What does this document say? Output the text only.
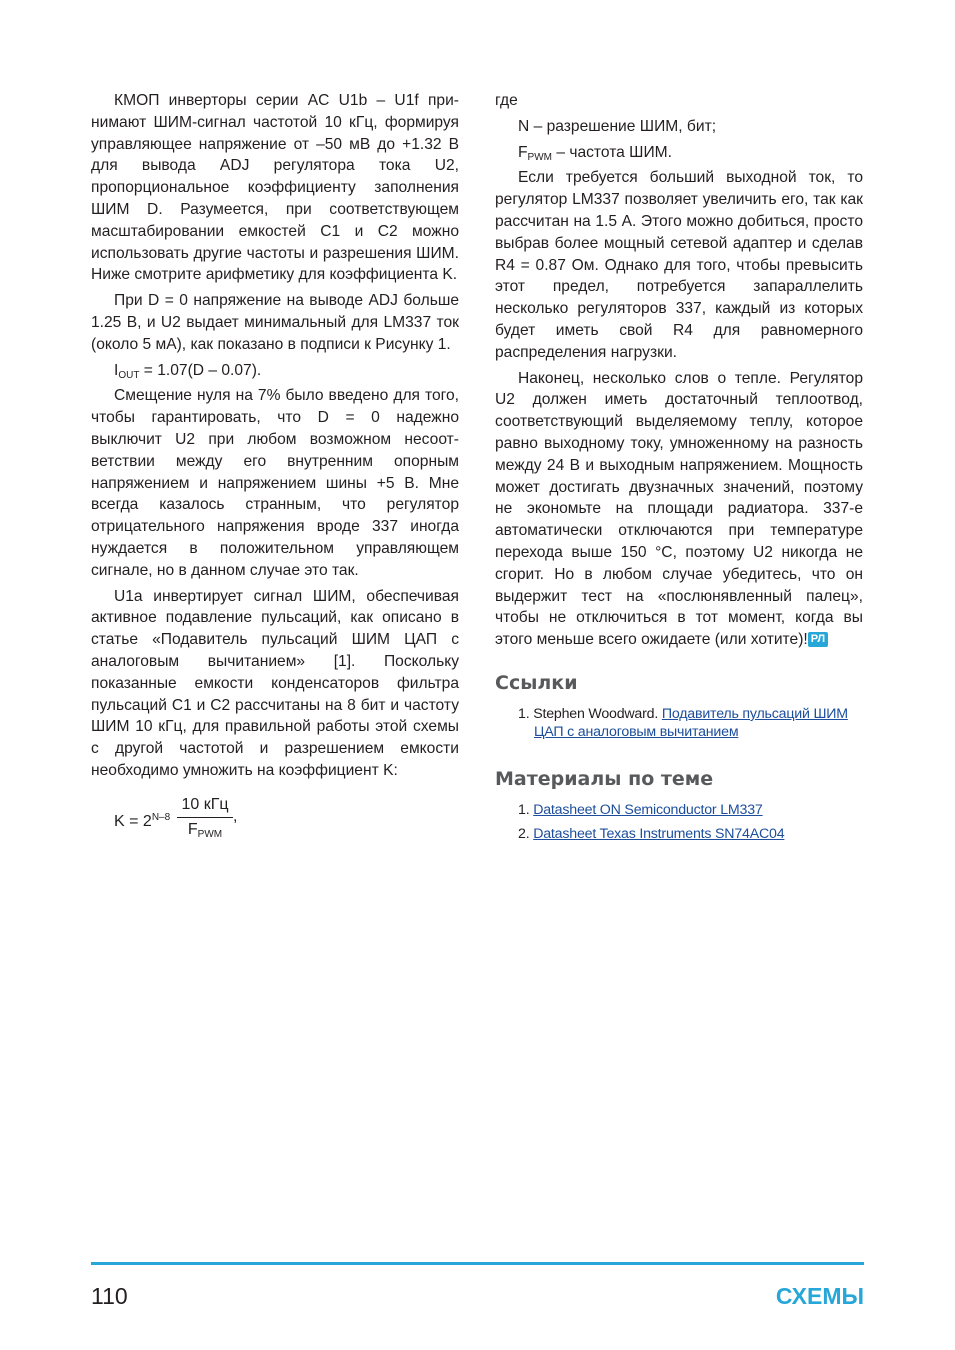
КМОП инверторы серии AC U1b – U1f принимают ШИМ-сигнал частотой 10 кГц, формируя управляющее напряжение от –50 мВ до +1.32 В для вывода ADJ регулятора тока U2, пропорциональное коэффициенту заполнения ШИМ D. Разумеется, при соответствующем масштабировании емкостей C1 и C2 можно использовать другие частоты и разрешения ШИМ. Ниже смотрите арифметику для коэффициента K.

При D = 0 напряжение на выводе ADJ больше 1.25 В, и U2 выдает минимальный для LM337 ток (около 5 мА), как показано в подписи к Рисунку 1.

$I_{OUT} = 1.07(D - 0.07)$.

Смещение нуля на 7% было введено для того, чтобы гарантировать, что D = 0 надежно выключит U2 при любом возможном несоответствии между его внутренним опорным напряжением и напряжением шины +5 В. Мне всегда казалось странным, что регулятор отрицательного напряжения вроде 337 иногда нуждается в положительном управляющем сигнале, но в данном случае это так.

U1a инвертирует сигнал ШИМ, обеспечивая активное подавление пульсаций, как описано в статье «Подавитель пульсаций ШИМ ЦАП с аналоговым вычитанием» [1]. Поскольку показанные емкости конденсаторов фильтра пульсаций C1 и C2 рассчитаны на 8 бит и частоту ШИМ 10 кГц, для правильной работы этой схемы с другой частотой и разрешением емкости необходимо умножить на коэффициент K:

$K = 2^{N-8}$
10 кГц
$F_{PWM}$
,

где

N – разрешение ШИМ, бит;

$F_{PWM}$ – частота ШИМ.

Если требуется больший выходной ток, то регулятор LM337 позволяет увеличить его, так как рассчитан на 1.5 А. Этого можно добиться, просто выбрав более мощный сетевой адаптер и сделав R4 = 0.87 Ом. Однако для того, чтобы превысить этот предел, потребуется запараллелить несколько регуляторов 337, каждый из которых будет иметь свой R4 для равномерного распределения нагрузки.

Наконец, несколько слов о тепле. Регулятор U2 должен иметь достаточный теплоотвод, соответствующий выделяемому теплу, которое равно выходному току, умноженному на разность между 24 В и выходным напряжением. Мощность может достигать двузначных значений, поэтому не экономьте на площади радиатора. 337-е автоматически отключаются при температуре перехода выше 150 °C, поэтому U2 никогда не сгорит. Но в любом случае убедитесь, что он выдержит тест на «послюнявленный палец», чтобы не отключиться в тот момент, когда вы этого меньше всего ожидаете (или хотите)! РЛ

Ссылки
1. Stephen Woodward. Подавитель пульсаций ШИМ ЦАП с аналоговым вычитанием
Материалы по теме
1. Datasheet ON Semiconductor LM337
2. Datasheet Texas Instruments SN74AC04
110	СХЕМЫ
